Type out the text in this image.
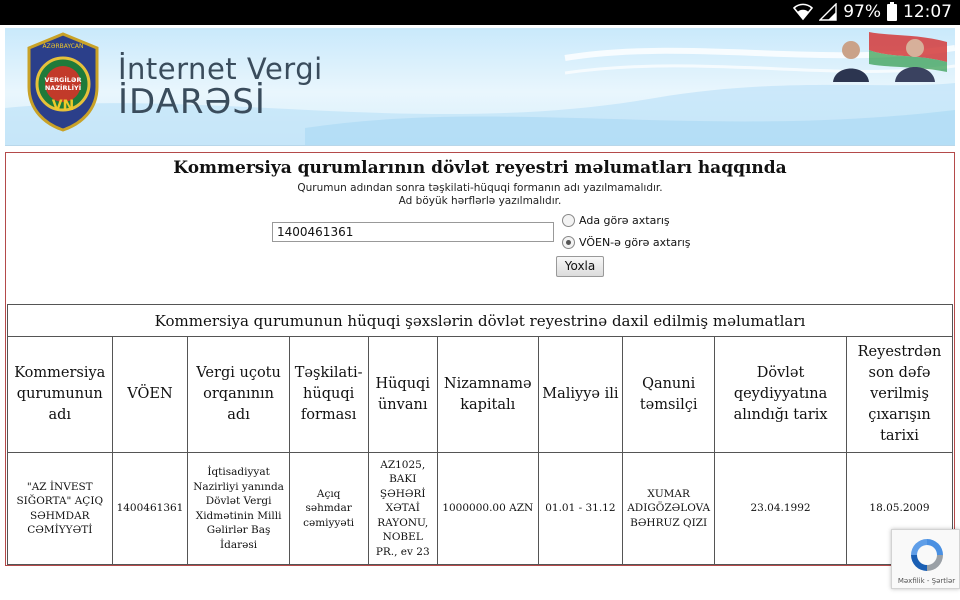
97% 12:07
VN
AZƏRBAYCAN
VERGİLƏR
NAZİRLİYİ
İnternet Vergi
İDARƏSİ
Kommersiya qurumlarının dövlət reyestri məlumatları haqqında
Qurumun adından sonra təşkilati-hüquqi formanın adı yazılmamalıdır.
Ad böyük hərflərlə yazılmalıdır.
1400461361
Ada görə axtarış
VÖEN-ə görə axtarış
Yoxla
Kommersiya qurumunun hüquqi şəxslərin dövlət reyestrinə daxil edilmiş məlumatları									
Kommersiya qurumunun adı	VÖEN	Vergi uçotu orqanının adı	Təşkilati-hüquqi forması	Hüquqi ünvanı	Nizamnamə kapitalı	Maliyyə ili	Qanuni təmsilçi	Dövlət qeydiyyatına alındığı tarix	Reyestrdən son dəfə verilmiş çıxarışın tarixi
"AZ İNVEST SIĞORTA" AÇIQ SƏHMDAR CƏMİYYƏTİ	1400461361	İqtisadiyyat Nazirliyi yanında Dövlət Vergi Xidmətinin Milli Gəlirlər Baş İdarəsi	Açıq səhmdar cəmiyyəti	AZ1025, BAKI ŞƏHƏRİ XƏTAİ RAYONU, NOBEL PR., ev 23	1000000.00 AZN	01.01 - 31.12	XUMAR ADIGÖZƏLOVA BƏHRUZ QIZI	23.04.1992	18.05.2009
Məxfilik - Şərtlər
